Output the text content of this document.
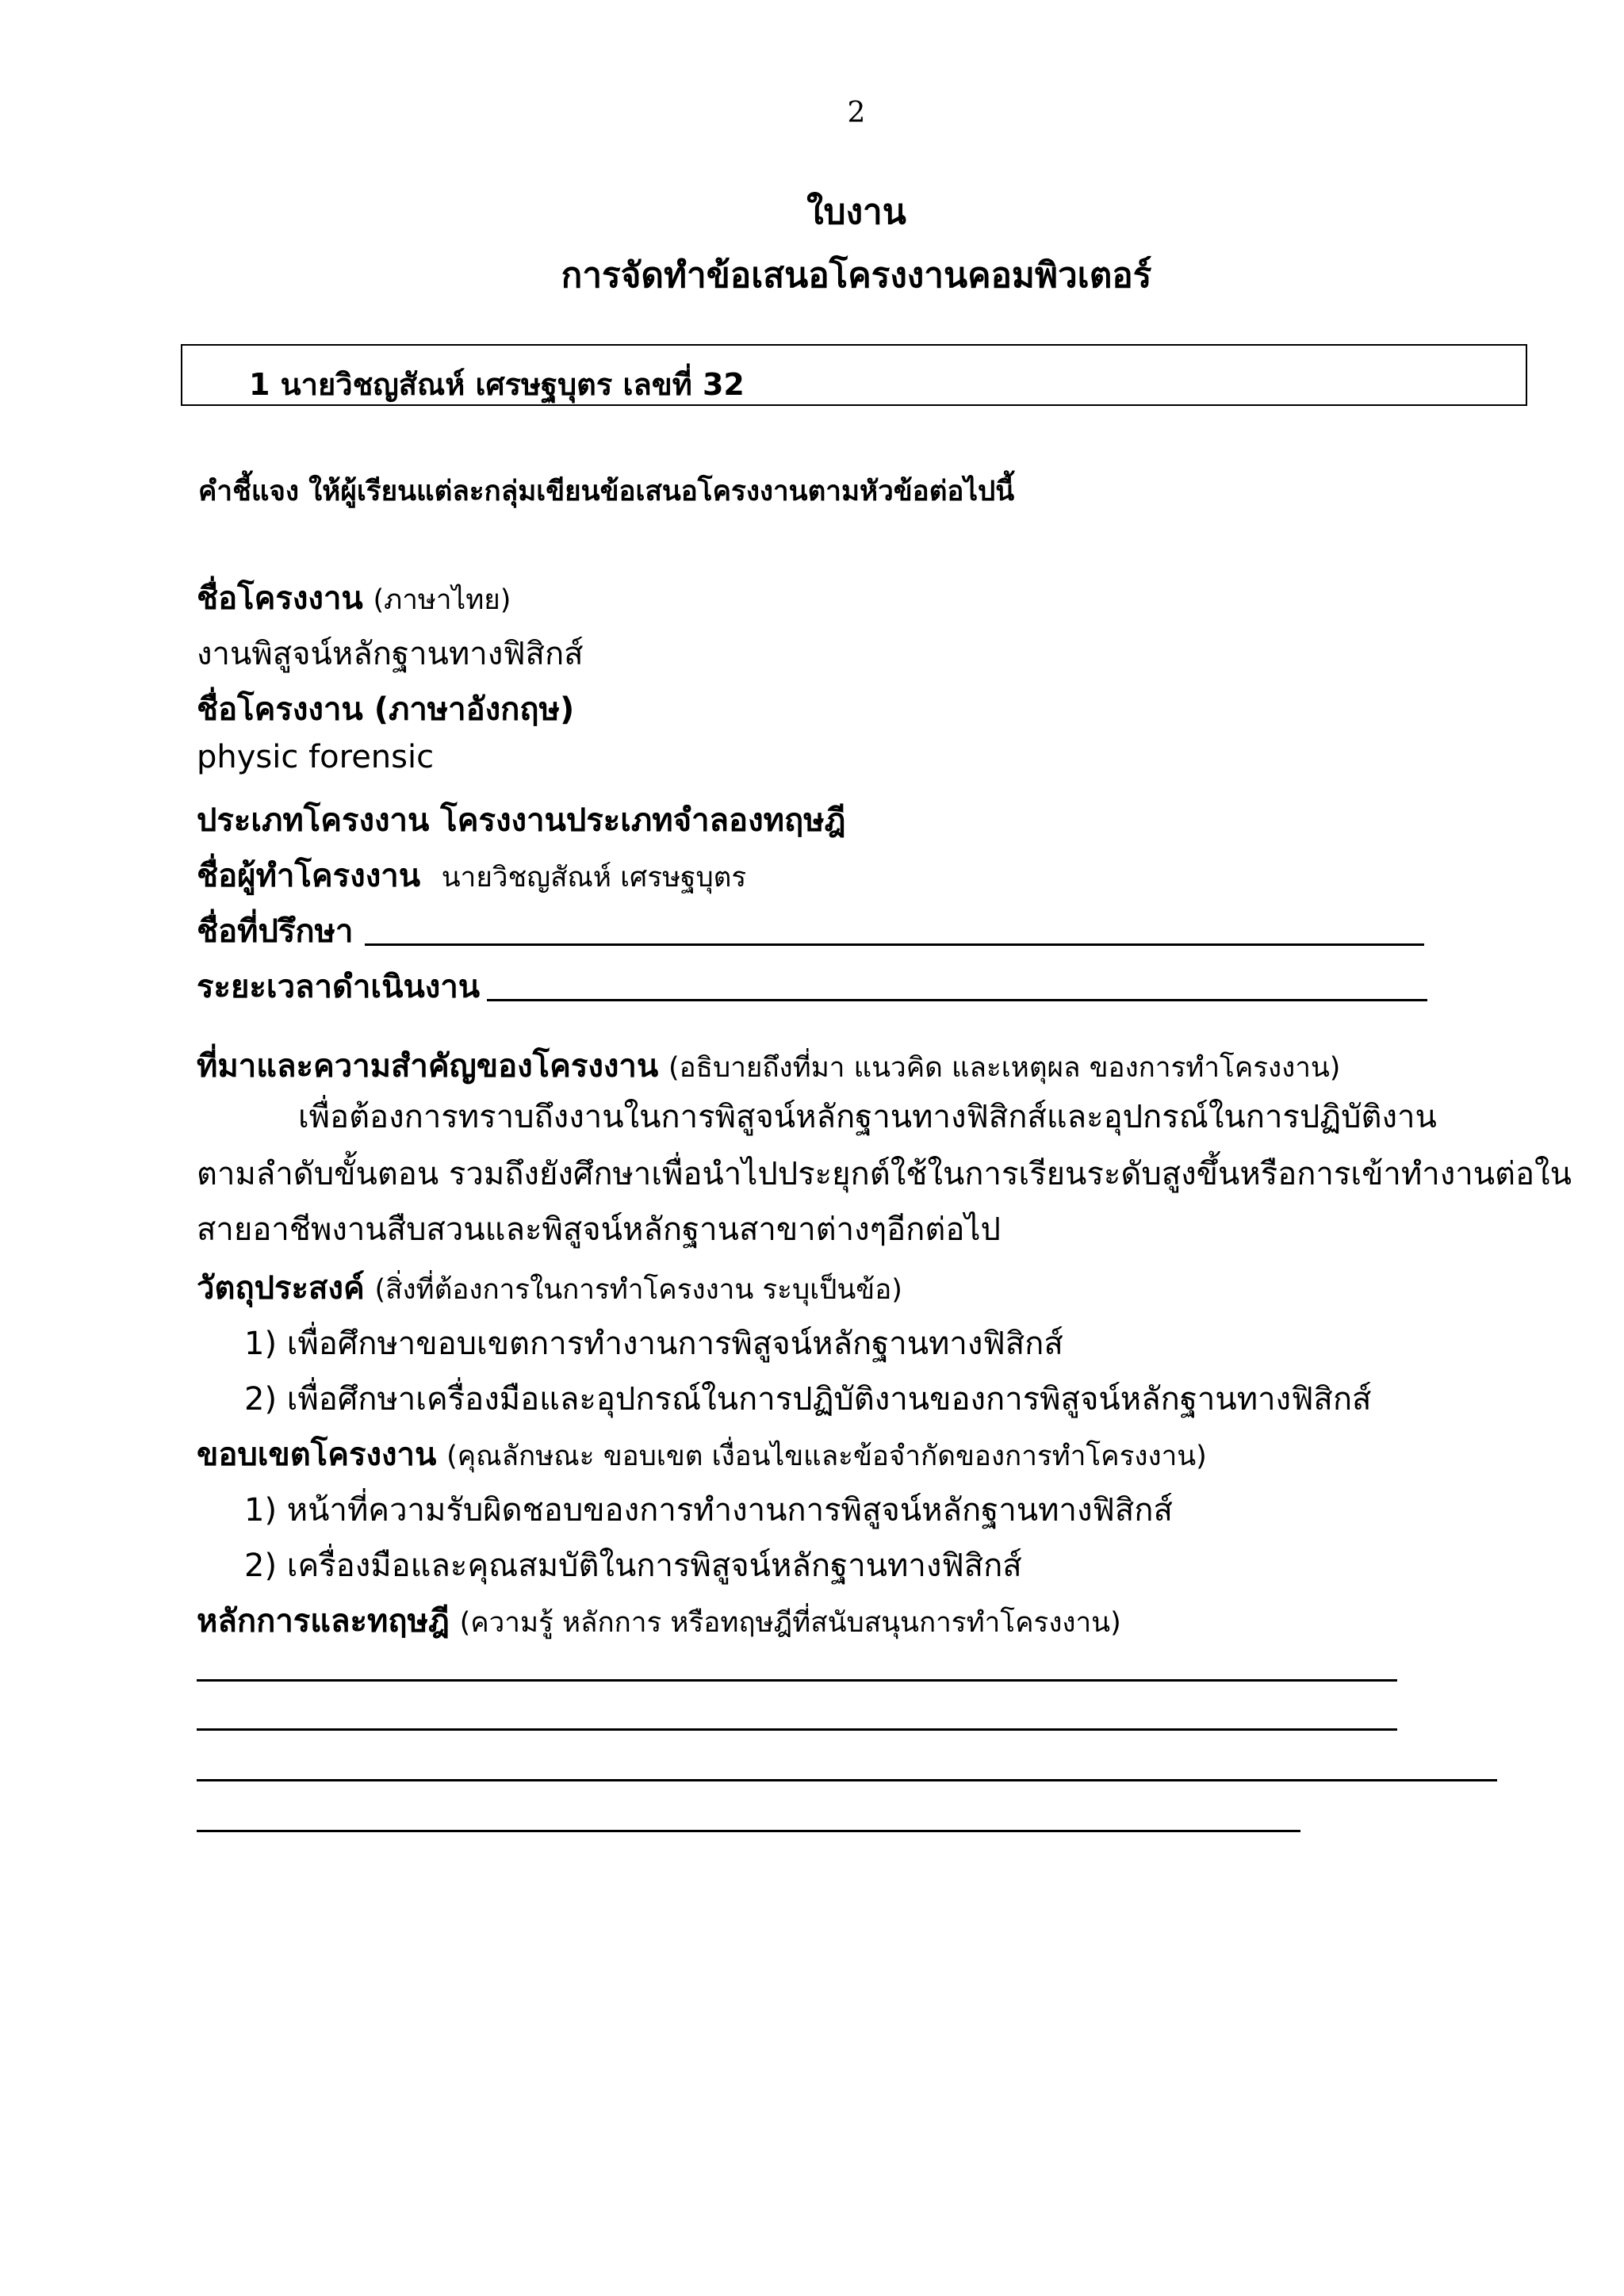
2
ใบงาน
การจัดทำข้อเสนอโครงงานคอมพิวเตอร์
1 นายวิชญสัณห์ เศรษฐบุตร เลขที่ 32
คำชี้แจง ให้ผู้เรียนแต่ละกลุ่มเขียนข้อเสนอโครงงานตามหัวข้อต่อไปนี้
ชื่อโครงงาน (ภาษาไทย)
งานพิสูจน์หลักฐานทางฟิสิกส์
ชื่อโครงงาน (ภาษาอังกฤษ)
physic forensic
ประเภทโครงงาน โครงงานประเภทจำลองทฤษฎี
ชื่อผู้ทำโครงงาน นายวิชญสัณห์ เศรษฐบุตร
ชื่อที่ปรึกษา
ระยะเวลาดำเนินงาน
ที่มาและความสำคัญของโครงงาน (อธิบายถึงที่มา แนวคิด และเหตุผล ของการทำโครงงาน)
เพื่อต้องการทราบถึงงานในการพิสูจน์หลักฐานทางฟิสิกส์และอุปกรณ์ในการปฏิบัติงาน
ตามลำดับขั้นตอน รวมถึงยังศึกษาเพื่อนำไปประยุกต์ใช้ในการเรียนระดับสูงขึ้นหรือการเข้าทำงานต่อใน
สายอาชีพงานสืบสวนและพิสูจน์หลักฐานสาขาต่างๆอีกต่อไป
วัตถุประสงค์ (สิ่งที่ต้องการในการทำโครงงาน ระบุเป็นข้อ)
1) เพื่อศึกษาขอบเขตการทำงานการพิสูจน์หลักฐานทางฟิสิกส์
2) เพื่อศึกษาเครื่องมือและอุปกรณ์ในการปฏิบัติงานของการพิสูจน์หลักฐานทางฟิสิกส์
ขอบเขตโครงงาน (คุณลักษณะ ขอบเขต เงื่อนไขและข้อจำกัดของการทำโครงงาน)
1) หน้าที่ความรับผิดชอบของการทำงานการพิสูจน์หลักฐานทางฟิสิกส์
2) เครื่องมือและคุณสมบัติในการพิสูจน์หลักฐานทางฟิสิกส์
หลักการและทฤษฎี (ความรู้ หลักการ หรือทฤษฎีที่สนับสนุนการทำโครงงาน)
